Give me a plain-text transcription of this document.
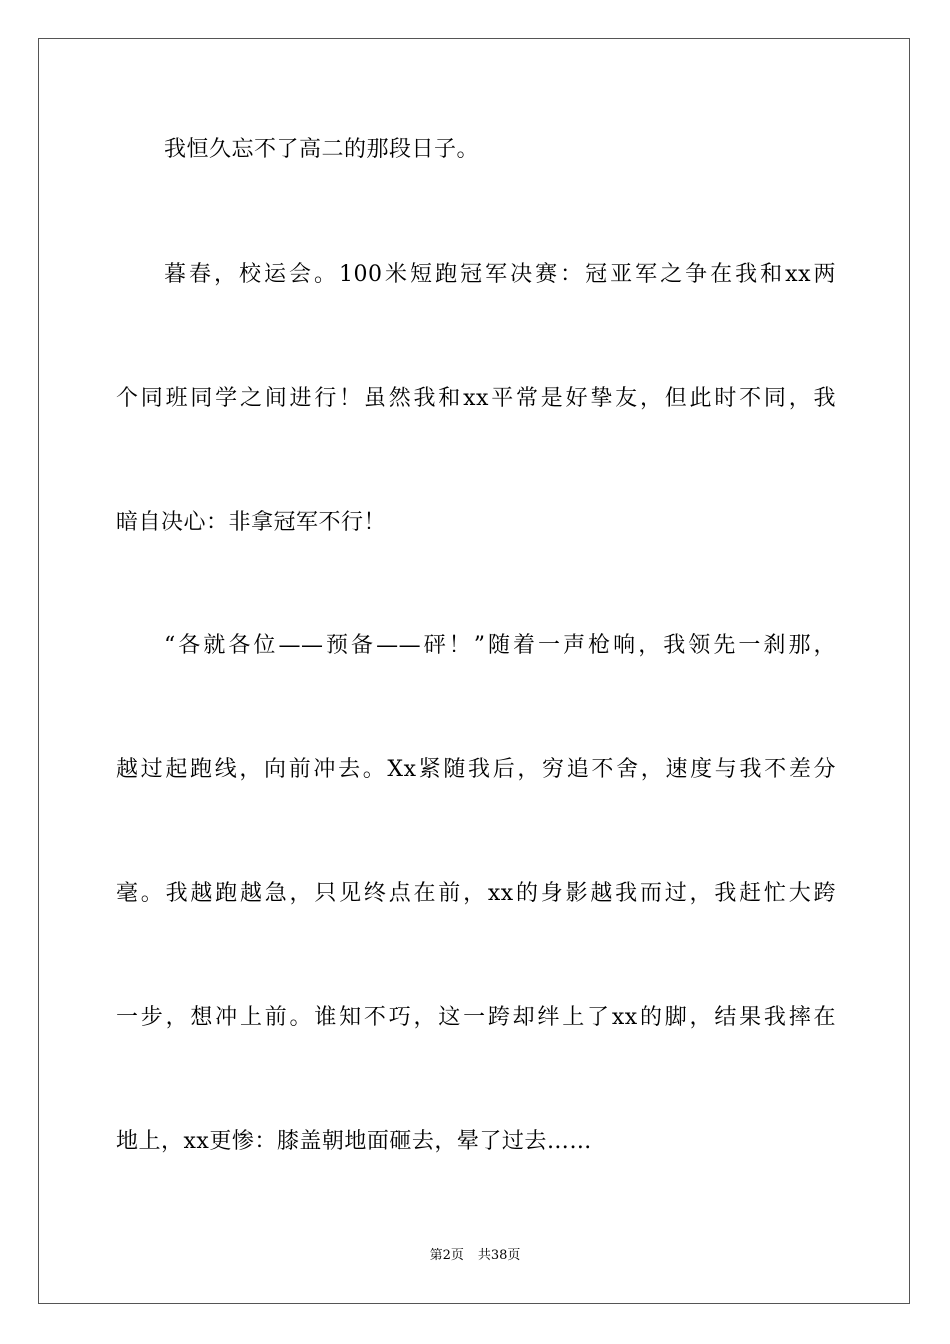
我恒久忘不了高二的那段日子。
暮春，校运会。100米短跑冠军决赛：冠亚军之争在我和xx两
个同班同学之间进行！虽然我和xx平常是好挚友，但此时不同，我
暗自决心：非拿冠军不行！
“各就各位——预备——砰！”随着一声枪响，我领先一刹那，
越过起跑线，向前冲去。Xx紧随我后，穷追不舍，速度与我不差分
毫。我越跑越急，只见终点在前，xx的身影越我而过，我赶忙大跨
一步，想冲上前。谁知不巧，这一跨却绊上了xx的脚，结果我摔在
地上，xx更惨：膝盖朝地面砸去，晕了过去……
第2页 共38页
